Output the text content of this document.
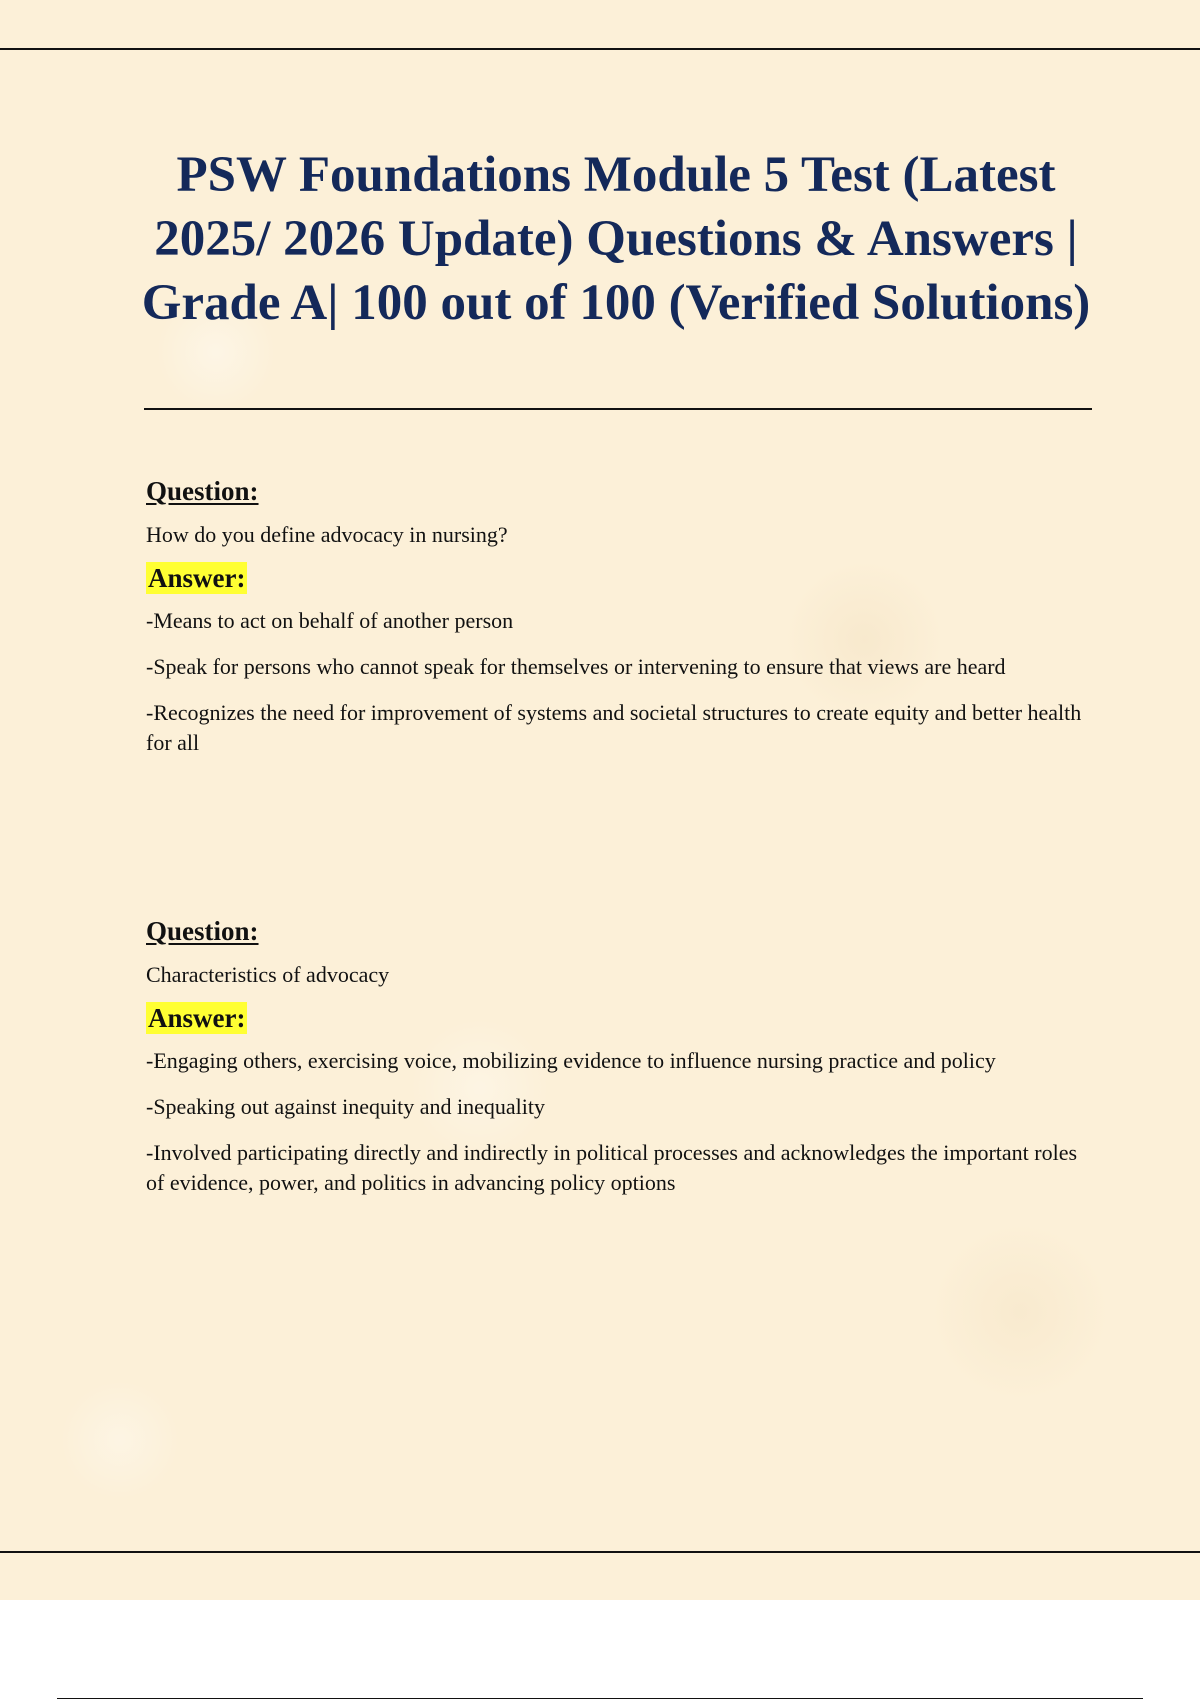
PSW Foundations Module 5 Test (Latest 2025/ 2026 Update) Questions & Answers | Grade A| 100 out of 100 (Verified Solutions)
Question:

How do you define advocacy in nursing?

Answer:

-Means to act on behalf of another person

-Speak for persons who cannot speak for themselves or intervening to ensure that views are heard

-Recognizes the need for improvement of systems and societal structures to create equity and better health for all

Question:

Characteristics of advocacy

Answer:

-Engaging others, exercising voice, mobilizing evidence to influence nursing practice and policy

-Speaking out against inequity and inequality

-Involved participating directly and indirectly in political processes and acknowledges the important roles of evidence, power, and politics in advancing policy options
